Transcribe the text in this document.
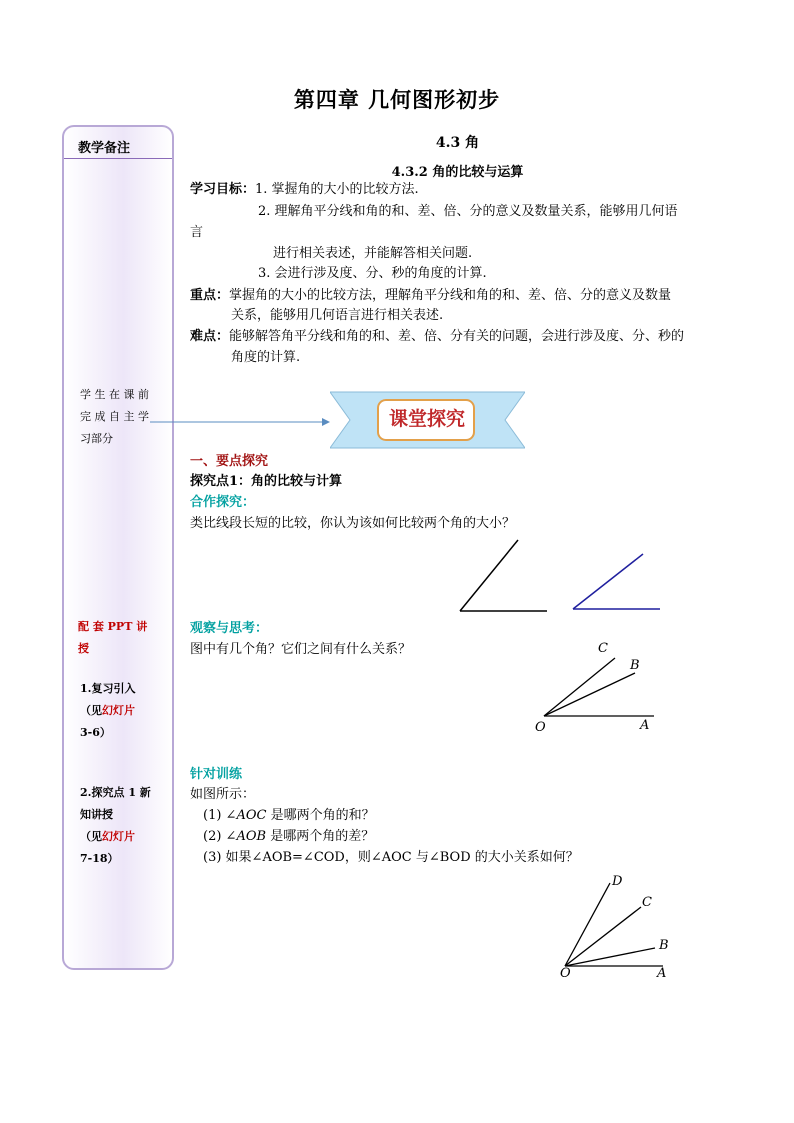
第四章 几何图形初步
教学备注
学 生 在 课 前
完 成 自 主 学
习部分
配 套 PPT 讲
授
1.复习引入
（见幻灯片
3-6）
2.探究点 1 新
知讲授
（见幻灯片
7-18）
4.3 角
4.3.2 角的比较与运算
学习目标：1. 掌握角的大小的比较方法.
2. 理解角平分线和角的和、差、倍、分的意义及数量关系，能够用几何语
言
进行相关表述，并能解答相关问题.
3. 会进行涉及度、分、秒的角度的计算.
重点：掌握角的大小的比较方法，理解角平分线和角的和、差、倍、分的意义及数量
关系，能够用几何语言进行相关表述.
难点：能够解答角平分线和角的和、差、倍、分有关的问题，会进行涉及度、分、秒的
角度的计算.
课堂探究
一、要点探究
探究点1：角的比较与计算
合作探究：
类比线段长短的比较，你认为该如何比较两个角的大小？
观察与思考：
图中有几个角？它们之间有什么关系？	C
B
O	A
针对训练
如图所示：
(1) ∠AOC 是哪两个角的和？
(2) ∠AOB 是哪两个角的差？
(3) 如果∠AOB=∠COD，则∠AOC 与∠BOD 的大小关系如何？
D
C
B
O	A
